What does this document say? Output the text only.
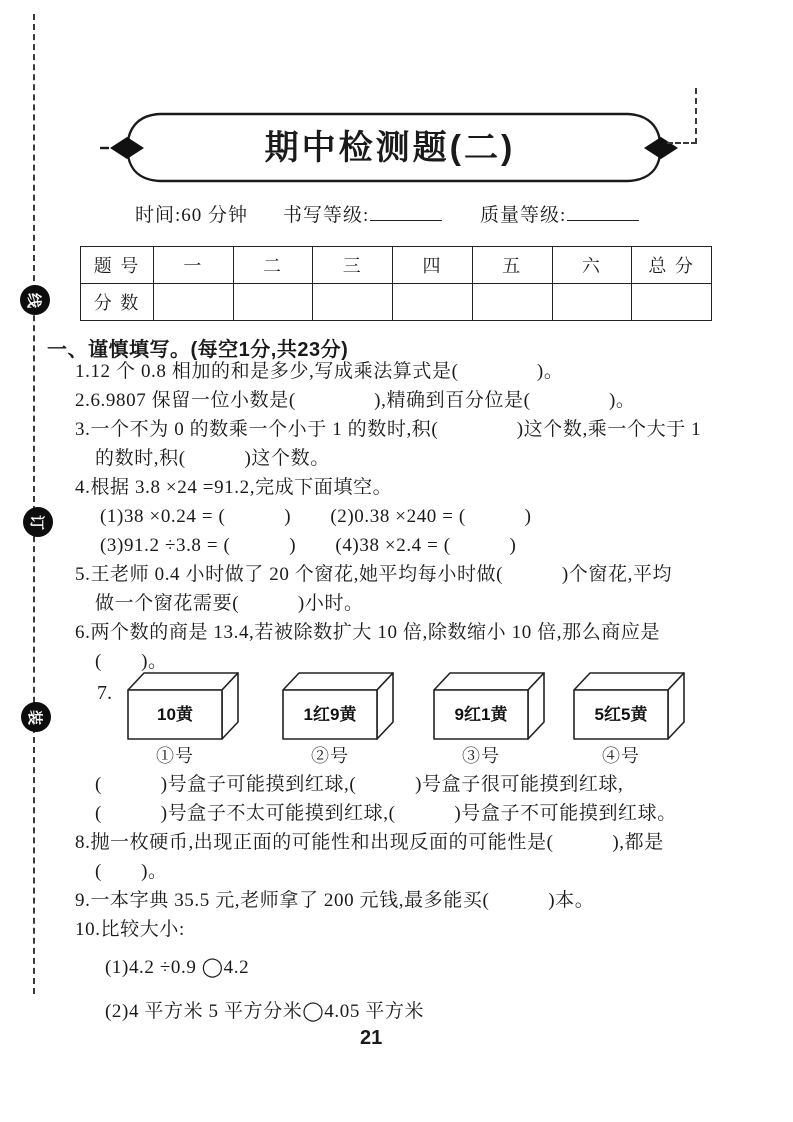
线
订
装
期中检测题(二)
时间:60 分钟 书写等级:	质量等级:
题 号	一	二	三	四	五	六	总 分
分 数							
一、谨慎填写。(每空1分,共23分)
1.12 个 0.8 相加的和是多少,写成乘法算式是(　　　　)。
2.6.9807 保留一位小数是(　　　　),精确到百分位是(　　　　)。
3.一个不为 0 的数乘一个小于 1 的数时,积(　　　　)这个数,乘一个大于 1
的数时,积(　　　)这个数。
4.根据 3.8 ×24 =91.2,完成下面填空。
(1)38 ×0.24 = (　　　)　　(2)0.38 ×240 = (　　　)
(3)91.2 ÷3.8 = (　　　)　　(4)38 ×2.4 = (　　　)
5.王老师 0.4 小时做了 20 个窗花,她平均每小时做(　　　)个窗花,平均
做一个窗花需要(　　　)小时。
6.两个数的商是 13.4,若被除数扩大 10 倍,除数缩小 10 倍,那么商应是
(　　)。
7.
10黄
①号
1红9黄
②号
9红1黄
③号
5红5黄
④号
(　　　)号盒子可能摸到红球,(　　　)号盒子很可能摸到红球,
(　　　)号盒子不太可能摸到红球,(　　　)号盒子不可能摸到红球。
8.抛一枚硬币,出现正面的可能性和出现反面的可能性是(　　　),都是
(　　)。
9.一本字典 35.5 元,老师拿了 200 元钱,最多能买(　　　)本。
10.比较大小:
(1)4.2 ÷0.9 ◯4.2
(2)4 平方米 5 平方分米◯4.05 平方米
21
